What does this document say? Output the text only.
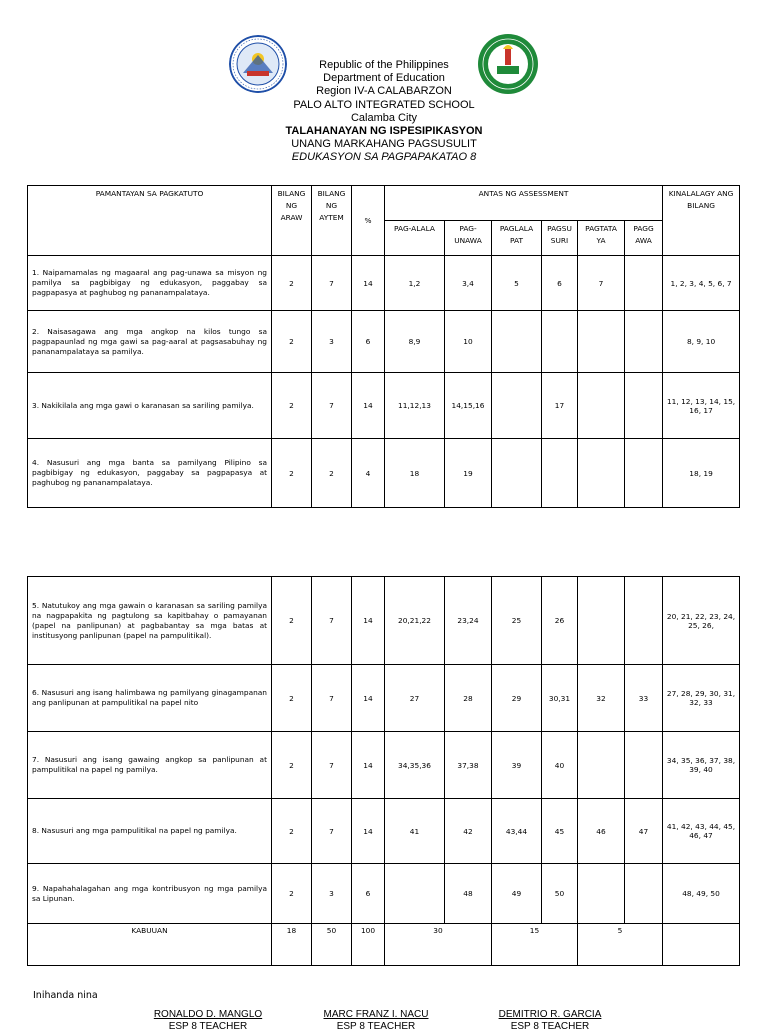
Republic of the Philippines
Department of Education
Region IV-A CALABARZON
PALO ALTO INTEGRATED SCHOOL
Calamba City
TALAHANAYAN NG ISPESIPIKASYON
UNANG MARKAHANG PAGSUSULIT
EDUKASYON SA PAGPAPAKATAO 8
PAMANTAYAN SA PAGKATUTO	BILANG NG ARAW	BILANG NG AYTEM	%	ANTAS NG ASSESSMENT						KINALALAGY ANG BILANG
				PAG-ALALA	PAG-UNAWA	PAGLALA PAT	PAGSU SURI	PAGTATA YA	PAGG AWA	
1. Naipamamalas ng magaaral ang pag-unawa sa misyon ng pamilya sa pagbibigay ng edukasyon, paggabay sa pagpapasya at paghubog ng pananampalataya.	2	7	14	1,2	3,4	5	6	7		1, 2, 3, 4, 5, 6, 7
2. Naisasagawa ang mga angkop na kilos tungo sa pagpapaunlad ng mga gawi sa pag-aaral at pagsasabuhay ng pananampalataya sa pamilya.	2	3	6	8,9	10					8, 9, 10
3. Nakikilala ang mga gawi o karanasan sa sariling pamilya.	2	7	14	11,12,13	14,15,16		17			11, 12, 13, 14, 15, 16, 17
4. Nasusuri ang mga banta sa pamilyang Pilipino sa pagbibigay ng edukasyon, paggabay sa pagpapasya at paghubog ng pananampalataya.	2	2	4	18	19					18, 19
5. Natutukoy ang mga gawain o karanasan sa sariling pamilya na nagpapakita ng pagtulong sa kapitbahay o pamayanan (papel na panlipunan) at pagbabantay sa mga batas at institusyong panlipunan (papel na pampulitikal).	2	7	14	20,21,22	23,24	25	26			20, 21, 22, 23, 24, 25, 26,
6. Nasusuri ang isang halimbawa ng pamilyang ginagampanan ang panlipunan at pampulitikal na papel nito	2	7	14	27	28	29	30,31	32	33	27, 28, 29, 30, 31, 32, 33
7. Nasusuri ang isang gawaing angkop sa panlipunan at pampulitikal na papel ng pamilya.	2	7	14	34,35,36	37,38	39	40			34, 35, 36, 37, 38, 39, 40
8. Nasusuri ang mga pampulitikal na papel ng pamilya.	2	7	14	41	42	43,44	45	46	47	41, 42, 43, 44, 45, 46, 47
9. Napahahalagahan ang mga kontribusyon ng mga pamilya sa Lipunan.	2	3	6		48	49	50			48, 49, 50
KABUUAN	18	50	100	30		15		5		
Inihanda nina
RONALDO D. MANGLO
ESP 8 TEACHER
MARC FRANZ I. NACU
ESP 8 TEACHER
DEMITRIO R. GARCIA
ESP 8 TEACHER
